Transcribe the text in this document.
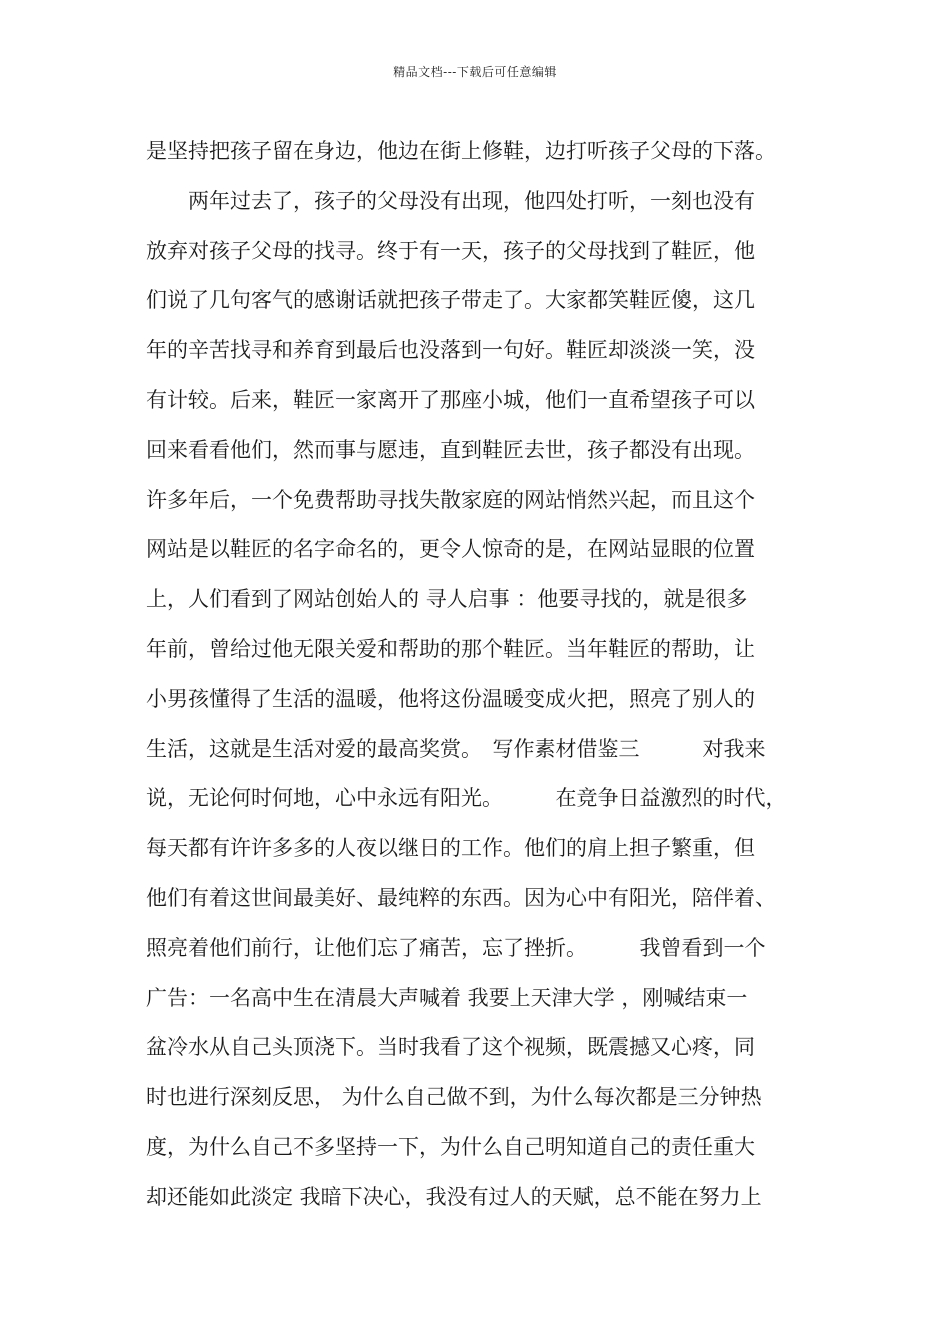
精品文档---下载后可任意编辑
是坚持把孩子留在身边，他边在街上修鞋，边打听孩子父母的下落。
　　两年过去了，孩子的父母没有出现，他四处打听，一刻也没有
放弃对孩子父母的找寻。终于有一天，孩子的父母找到了鞋匠，他
们说了几句客气的感谢话就把孩子带走了。大家都笑鞋匠傻，这几
年的辛苦找寻和养育到最后也没落到一句好。鞋匠却淡淡一笑，没
有计较。后来，鞋匠一家离开了那座小城，他们一直希望孩子可以
回来看看他们，然而事与愿违，直到鞋匠去世，孩子都没有出现。
许多年后，一个免费帮助寻找失散家庭的网站悄然兴起，而且这个
网站是以鞋匠的名字命名的，更令人惊奇的是，在网站显眼的位置
上，人们看到了网站创始人的 寻人启事 ：他要寻找的，就是很多
年前，曾给过他无限关爱和帮助的那个鞋匠。当年鞋匠的帮助，让
小男孩懂得了生活的温暖，他将这份温暖变成火把，照亮了别人的
生活，这就是生活对爱的最高奖赏。　写作素材借鉴三　　　对我来
说，无论何时何地，心中永远有阳光。　　　在竞争日益激烈的时代，
每天都有许许多多的人夜以继日的工作。他们的肩上担子繁重，但
他们有着这世间最美好、最纯粹的东西。因为心中有阳光，陪伴着、
照亮着他们前行，让他们忘了痛苦，忘了挫折。　　　我曾看到一个
广告：一名高中生在清晨大声喊着 我要上天津大学 ，刚喊结束一
盆冷水从自己头顶浇下。当时我看了这个视频，既震撼又心疼，同
时也进行深刻反思， 为什么自己做不到，为什么每次都是三分钟热
度，为什么自己不多坚持一下，为什么自己明知道自己的责任重大
却还能如此淡定 我暗下决心，我没有过人的天赋，总不能在努力上
